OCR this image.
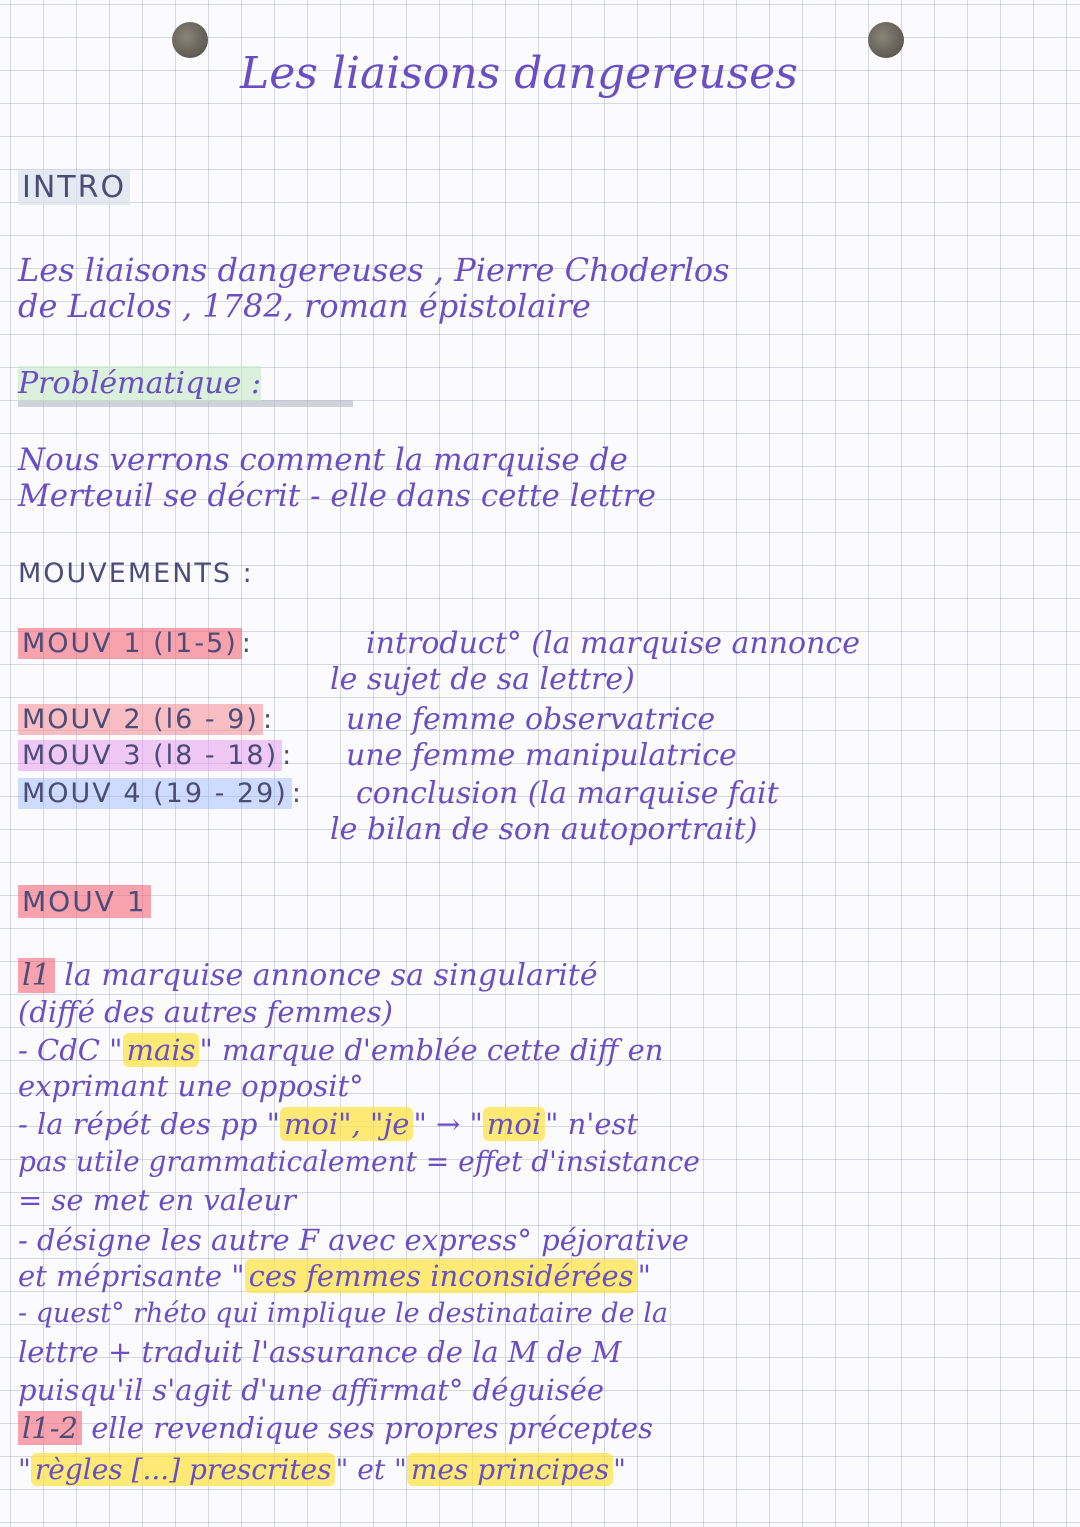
Les liaisons dangereuses
INTRO
Les liaisons dangereuses , Pierre Choderlos
de Laclos , 1782, roman épistolaire
Problématique :
Nous verrons comment la marquise de
Merteuil se décrit - elle dans cette lettre
MOUVEMENTS :
MOUV 1 (l1-5) :	introduct° (la marquise annonce
le sujet de sa lettre)
MOUV 2 (l6 - 9) : une femme observatrice
MOUV 3 (l8 - 18) : une femme manipulatrice
MOUV 4 (19 - 29) : conclusion (la marquise fait
le bilan de son autoportrait)
MOUV 1
l1 la marquise annonce sa singularité
(diffé des autres femmes)
- CdC " mais " marque d'emblée cette diff en
exprimant une opposit°
- la répét des pp " moi", "je " → " moi " n'est
pas utile grammaticalement = effet d'insistance
= se met en valeur
- désigne les autre F avec express° péjorative
et méprisante " ces femmes inconsidérées "
- quest° rhéto qui implique le destinataire de la
lettre + traduit l'assurance de la M de M
puisqu'il s'agit d'une affirmat° déguisée
l1-2 elle revendique ses propres préceptes
" règles [...] prescrites " et " mes principes "
